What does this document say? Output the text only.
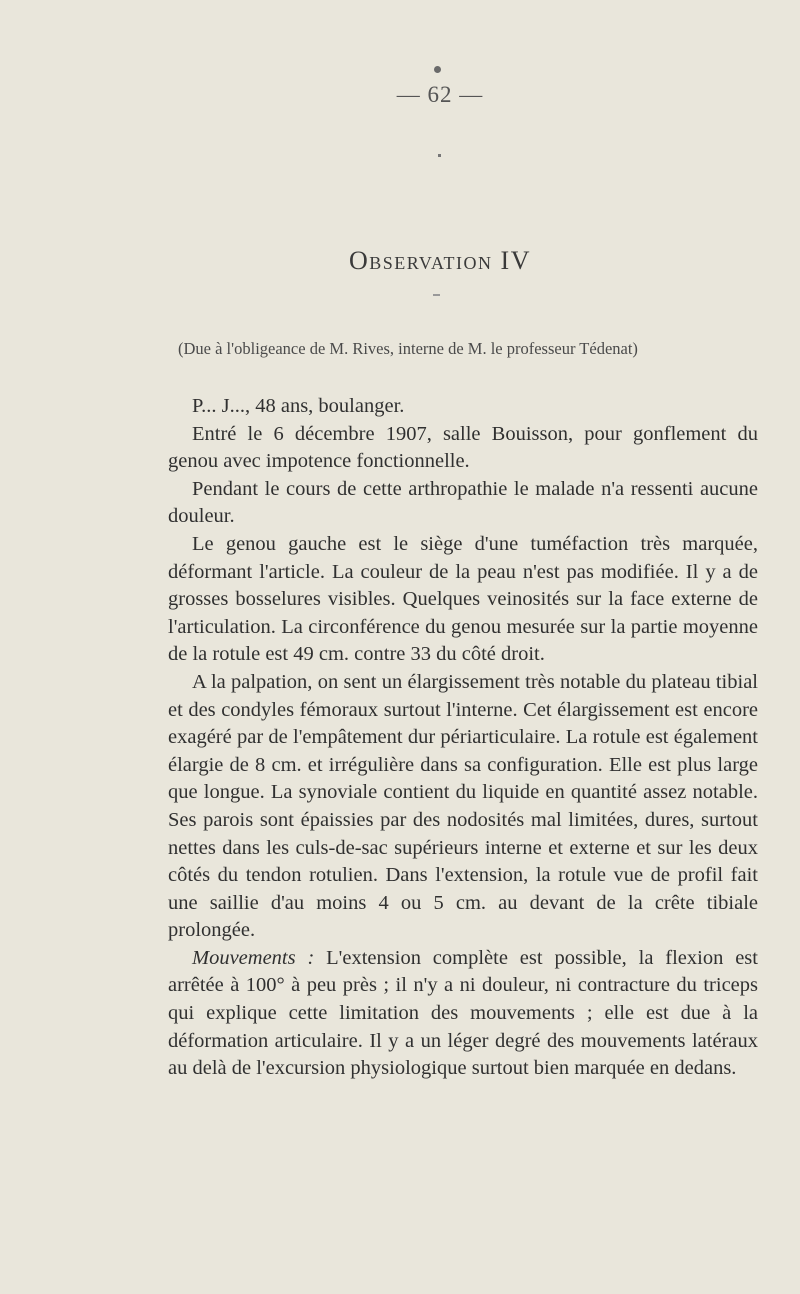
— 62 —
Observation IV
(Due à l'obligeance de M. Rives, interne de M. le professeur Tédenat)

P... J..., 48 ans, boulanger.

Entré le 6 décembre 1907, salle Bouisson, pour gonflement du genou avec impotence fonctionnelle.

Pendant le cours de cette arthropathie le malade n'a ressenti aucune douleur.

Le genou gauche est le siège d'une tuméfaction très marquée, déformant l'article. La couleur de la peau n'est pas modifiée. Il y a de grosses bosselures visibles. Quelques veinosités sur la face externe de l'articulation. La circonférence du genou mesurée sur la partie moyenne de la rotule est 49 cm. contre 33 du côté droit.

A la palpation, on sent un élargissement très notable du plateau tibial et des condyles fémoraux surtout l'interne. Cet élargissement est encore exagéré par de l'empâtement dur périarticulaire. La rotule est également élargie de 8 cm. et irrégulière dans sa configuration. Elle est plus large que longue. La synoviale contient du liquide en quantité assez notable. Ses parois sont épaissies par des nodosités mal limitées, dures, surtout nettes dans les culs-de-sac supérieurs interne et externe et sur les deux côtés du tendon rotulien. Dans l'extension, la rotule vue de profil fait une saillie d'au moins 4 ou 5 cm. au devant de la crête tibiale prolongée.

Mouvements : L'extension complète est possible, la flexion est arrêtée à 100° à peu près ; il n'y a ni douleur, ni contracture du triceps qui explique cette limitation des mouvements ; elle est due à la déformation articulaire. Il y a un léger degré des mouvements latéraux au delà de l'excursion physiologique surtout bien marquée en dedans.
